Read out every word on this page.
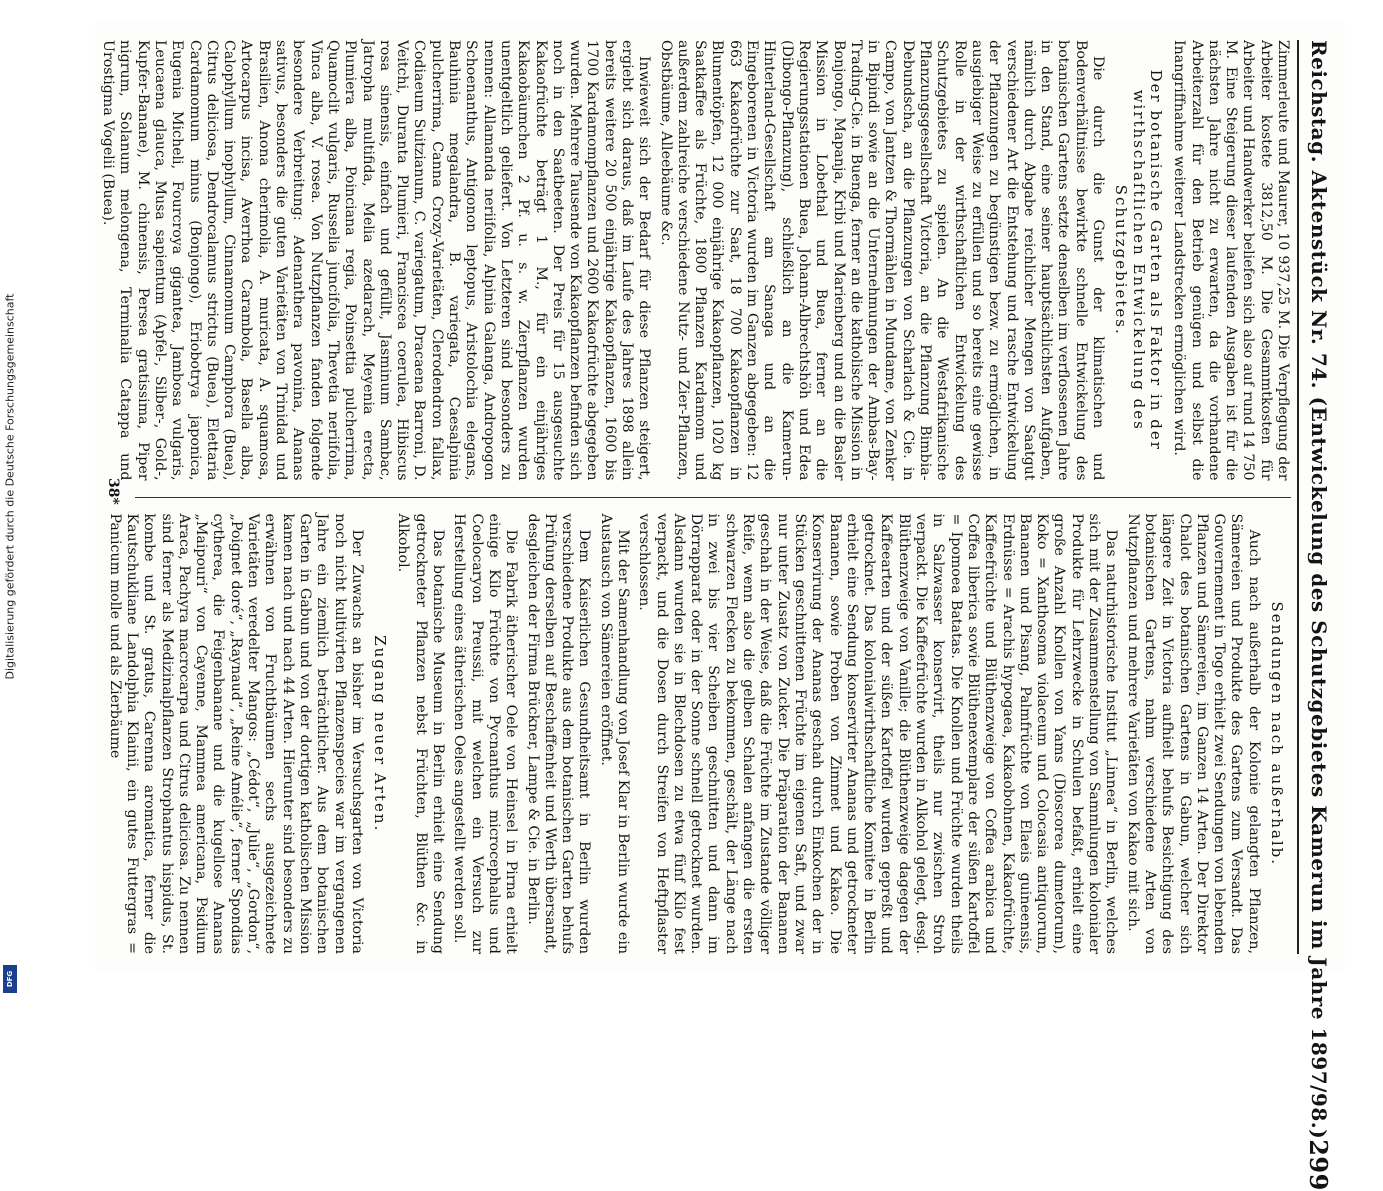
Digitalisierung gefördert durch die Deutsche Forschungsgemeinschaft
DFG	Reichstag. Aktenstück Nr. 74. (Entwickelung des Schutzgebietes Kamerun im Jahre 1897/98.)
299

Zimmerleute und Maurer, 10 937,25 M. Die Verpflegung der Arbeiter kostete 3812,50 M. Die Gesammtkosten für Arbeiter und Handwerker beliefen sich also auf rund 14 750 M. Eine Steigerung dieser laufenden Ausgaben ist für die nächsten Jahre nicht zu erwarten, da die vorhandene Arbeiterzahl für den Betrieb genügen und selbst die Inangriffnahme weiterer Landstrecken ermöglichen wird.

Der botanische Garten als Faktor in der wirthschaftlichen Entwickelung des Schutzgebietes.

Die durch die Gunst der klimatischen und Bodenverhältnisse bewirkte schnelle Entwickelung des botanischen Gartens setzte denselben im verflossenen Jahre in den Stand, eine seiner hauptsächlichsten Aufgaben, nämlich durch Abgabe reichlicher Mengen von Saatgut verschiedener Art die Entstehung und rasche Entwickelung der Pflanzungen zu begünstigen bezw. zu ermöglichen, in ausgiebiger Weise zu erfüllen und so bereits eine gewisse Rolle in der wirthschaftlichen Entwickelung des Schutzgebietes zu spielen. An die Westafrikanische Pflanzungsgesellschaft Victoria, an die Pflanzung Bimbia-Debundscha, an die Pflanzungen von Scharlach & Cie. in Campo, von Jantzen & Thormählen in Mundame, von Zenker in Bipindi sowie an die Unternehmungen der Ambas-Bay-Trading-Cie. in Buenga, ferner an die katholische Mission in Bonjongo, Mapanja, Kribi und Marienberg und an die Basler Mission in Lobethal und Buea, ferner an die Regierungsstationen Buea, Johann-Albrechtshöh und Edea (Dibongo-Pflanzung), schließlich an die Kamerun-Hinterland-Gesellschaft am Sanaga und an die Eingeborenen in Victoria wurden im Ganzen abgegeben: 12 663 Kakaofrüchte zur Saat, 18 700 Kakaopflanzen in Blumentöpfen, 12 000 einjährige Kakaopflanzen, 1020 kg Saatkaffee als Früchte, 1800 Pflanzen Kardamom und außerdem zahlreiche verschiedene Nutz- und Zier-Pflanzen, Obstbäume, Alleebäume &c.

Inwieweit sich der Bedarf für diese Pflanzen steigert, ergiebt sich daraus, daß im Laufe des Jahres 1898 allein bereits weitere 20 500 einjährige Kakaopflanzen, 1600 bis 1700 Kardamompflanzen und 2600 Kakaofrüchte abgegeben wurden. Mehrere Tausende von Kakaopflanzen befinden sich noch in den Saatbeeten. Der Preis für 15 ausgesuchte Kakaofrüchte beträgt 1 M., für ein einjähriges Kakaobäumchen 2 Pf. u. s. w. Zierpflanzen wurden unentgeltlich geliefert. Von Letzteren sind besonders zu nennen: Allamanda neriifolia, Alpinia Galanga, Andropogon Schoenanthus, Antigonon leptopus, Aristolochia elegans, Bauhinia megalandra, B. variegata, Caesalpinia pulcherrima, Canna Crozy-Varietäten, Clerodendron fallax, Codiaeum Suitzianum, C. variegatum, Dracaena Barroni, D. Veitchi, Duranta Plumieri, Francisceа coerulea, Hibiscus rosa sinensis, einfach und gefüllt, Jasminum Sambac, Jatropha multifida, Melia azedarach, Meyenia erecta, Plumiera alba, Poinciana regia, Poinsettia pulcherrima, Quamoclit vulgaris, Russelia juncifolia, Thevetia neriifolia, Vinca alba, V. rosea. Von Nutzpflanzen fanden folgende besondere Verbreitung: Adenanthera pavonina, Ananas sativus, besonders die guten Varietäten von Trinidad und Brasilien, Anona cherimolia, A. muricata, A. squamosa, Artocarpus incisa, Averrhoa Carambola, Basella alba, Calophyllum inophyllum, Cinnamomum Camphora (Buea), Citrus deliciosa, Dendrocalamus strictus (Buea), Elettaria Cardamomum minus (Bonjongo), Eriobotrya japonica, Eugenia Micheli, Fourcroya gigantea, Jambosa vulgaris, Leucaena glauca, Musa sapientum (Apfel-, Silber-, Gold-, Kupfer-Banane), M. chinensis, Persea gratissima, Piper nigrum, Solanum melongena, Terminalia Catappa und Urostigma Vogelii (Buea).

Sendungen nach außerhalb.

Auch nach außerhalb der Kolonie gelangten Pflanzen, Sämereien und Produkte des Gartens zum Versandt. Das Gouvernement in Togo erhielt zwei Sendungen von lebenden Pflanzen und Sämereien, im Ganzen 14 Arten. Der Direktor Chalot des botanischen Gartens in Gabun, welcher sich längere Zeit in Victoria aufhielt behufs Besichtigung des botanischen Gartens, nahm verschiedene Arten von Nutzpflanzen und mehrere Varietäten von Kakao mit sich.

Das naturhistorische Institut „Linnea“ in Berlin, welches sich mit der Zusammenstellung von Sammlungen kolonialer Produkte für Lehrzwecke in Schulen befaßt, erhielt eine große Anzahl Knollen von Yams (Dioscorea dumetorum), Koko = Xanthosoma violaceum und Colocasia antiquorum, Bananen und Pisang, Palmfrüchte von Elaeis guineensis, Erdnüsse = Arachis hypogaea, Kakaobohnen, Kakaofrüchte, Kaffeefrüchte und Blüthenzweige von Coffea arabica und Coffea liberica sowie Blüthenexemplare der süßen Kartoffel = Ipomoea Batatas. Die Knollen und Früchte wurden theils in Salzwasser konservirt, theils nur zwischen Stroh verpackt. Die Kaffeefrüchte wurden in Alkohol gelegt, desgl. Blüthenzweige von Vanille; die Blüthenzweige dagegen der Kaffeearten und der süßen Kartoffel wurden gepreßt und getrocknet. Das kolonialwirthschaftliche Komitee in Berlin erhielt eine Sendung konservirter Ananas und getrockneter Bananen, sowie Proben von Zimmet und Kakao. Die Konservirung der Ananas geschah durch Einkochen der in Stücken geschnittenen Früchte im eigenen Saft, und zwar nur unter Zusatz von Zucker. Die Präparation der Bananen geschah in der Weise, daß die Früchte im Zustande völliger Reife, wenn also die gelben Schalen anfangen die ersten schwarzen Flecken zu bekommen, geschält, der Länge nach in zwei bis vier Scheiben geschnitten und dann im Dörrapparat oder in der Sonne schnell getrocknet wurden. Alsdann wurden sie in Blechdosen zu etwa fünf Kilo fest verpackt, und die Dosen durch Streifen von Heftpflaster verschlossen.

Mit der Samenhandlung von Josef Klar in Berlin wurde ein Austausch von Sämereien eröffnet.

Dem Kaiserlichen Gesundheitsamt in Berlin wurden verschiedene Produkte aus dem botanischen Garten behufs Prüfung derselben auf Beschaffenheit und Werth übersandt, desgleichen der Firma Brückner, Lampe & Cie. in Berlin.

Die Fabrik ätherischer Oele von Heinsel in Pirna erhielt einige Kilo Früchte von Pycnanthus microcephalus und Coelocaryon Preussii, mit welchen ein Versuch zur Herstellung eines ätherischen Oeles angestellt werden soll.

Das botanische Museum in Berlin erhielt eine Sendung getrockneter Pflanzen nebst Früchten, Blüthen &c. in Alkohol.

Zugang neuer Arten.

Der Zuwachs an bisher im Versuchsgarten von Victoria noch nicht kultivirten Pflanzenspecies war im vergangenen Jahre ein ziemlich beträchtlicher. Aus dem botanischen Garten in Gabun und von der dortigen katholischen Mission kamen nach und nach 44 Arten. Hierunter sind besonders zu erwähnen von Fruchtbäumen sechs ausgezeichnete Varietäten veredelter Mangos: „Cédot“, „Julie“, „Gordon“, „Poignet doré“, „Raynaud“, „Reine Amélie“, ferner Spondias cytherea, die Feigenbanane und die kugellose Ananas „Maipouri“ von Cayenne, Mammea americana, Psidium Araca, Pachyra macrocarpa und Citrus deliciosa. Zu nennen sind ferner als Medizinalpflanzen Strophantus hispidus, St. kombe und St. gratus, Carenna aromatica, ferner die Kautschukliane Landolphia Klainii, ein gutes Futtergras = Panicum molle und als Zierbäume

38*
